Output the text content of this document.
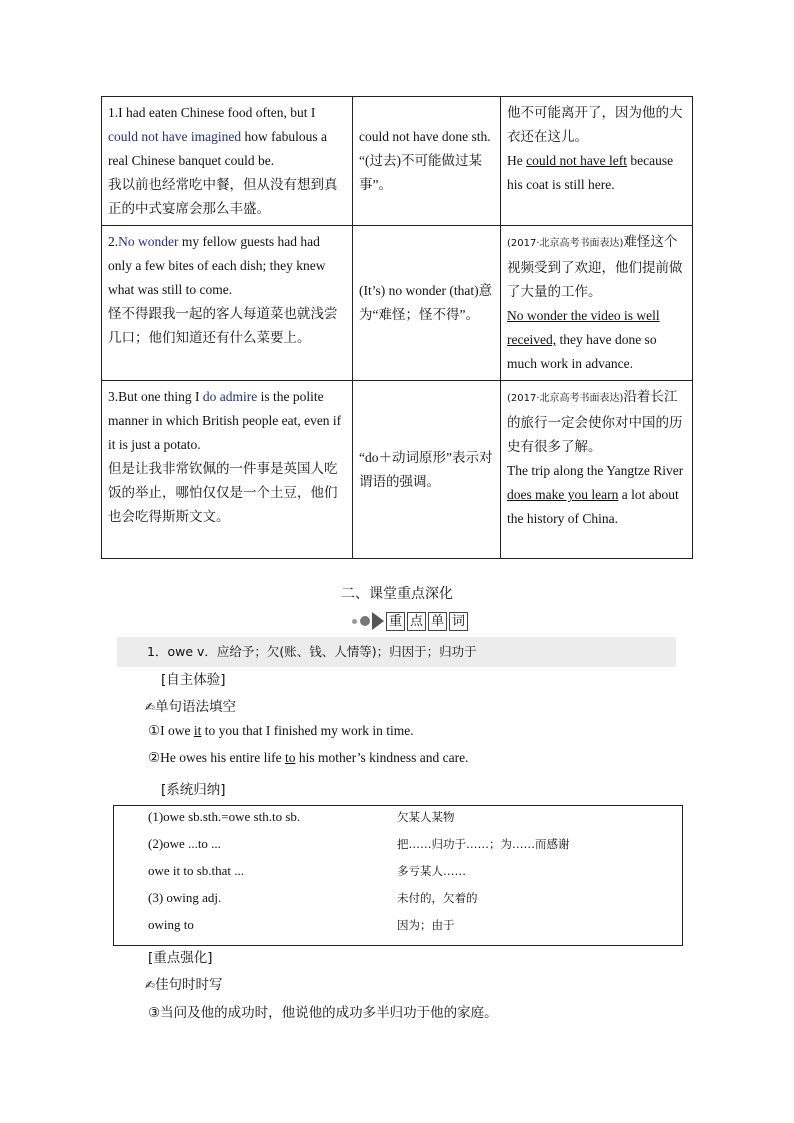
1.I had eaten Chinese food often, but I
could not have imagined how fabulous a real Chinese banquet could be.
我以前也经常吃中餐，但从没有想到真正的中式宴席会那么丰盛。	could not have done sth. “(过去)不可能做过某事”。	他不可能离开了，因为他的大衣还在这儿。
He could not have left because his coat is still here.
2.No wonder my fellow guests had had only a few bites of each dish; they knew what was still to come.
怪不得跟我一起的客人每道菜也就浅尝几口；他们知道还有什么菜要上。	(It’s) no wonder (that)意为“难怪；怪不得”。	(2017·北京高考书面表达)难怪这个视频受到了欢迎，他们提前做了大量的工作。
No wonder the video is well received, they have done so much work in advance.
3.But one thing I do admire is the polite manner in which British people eat, even if it is just a potato.
但是让我非常钦佩的一件事是英国人吃饭的举止，哪怕仅仅是一个土豆，他们也会吃得斯斯文文。	“do＋动词原形”表示对谓语的强调。	(2017·北京高考书面表达)沿着长江的旅行一定会使你对中国的历史有很多了解。
The trip along the Yangtze River does make you learn a lot about the history of China.
二、课堂重点深化
重 点 单 词
1．owe v．应给予；欠(账、钱、人情等)；归因于；归功于
[自主体验]
✍单句语法填空
①I owe it to you that I finished my work in time.
②He owes his entire life to his mother’s kindness and care.
[系统归纳]
(1)owe sb.sth.=owe sth.to sb.	欠某人某物
(2)owe ...to ...	把……归功于……；为……而感谢
owe it to sb.that ...	多亏某人……
(3) owing adj.	未付的，欠着的
owing to	因为；由于
[重点强化]
✍佳句时时写
③当问及他的成功时，他说他的成功多半归功于他的家庭。
